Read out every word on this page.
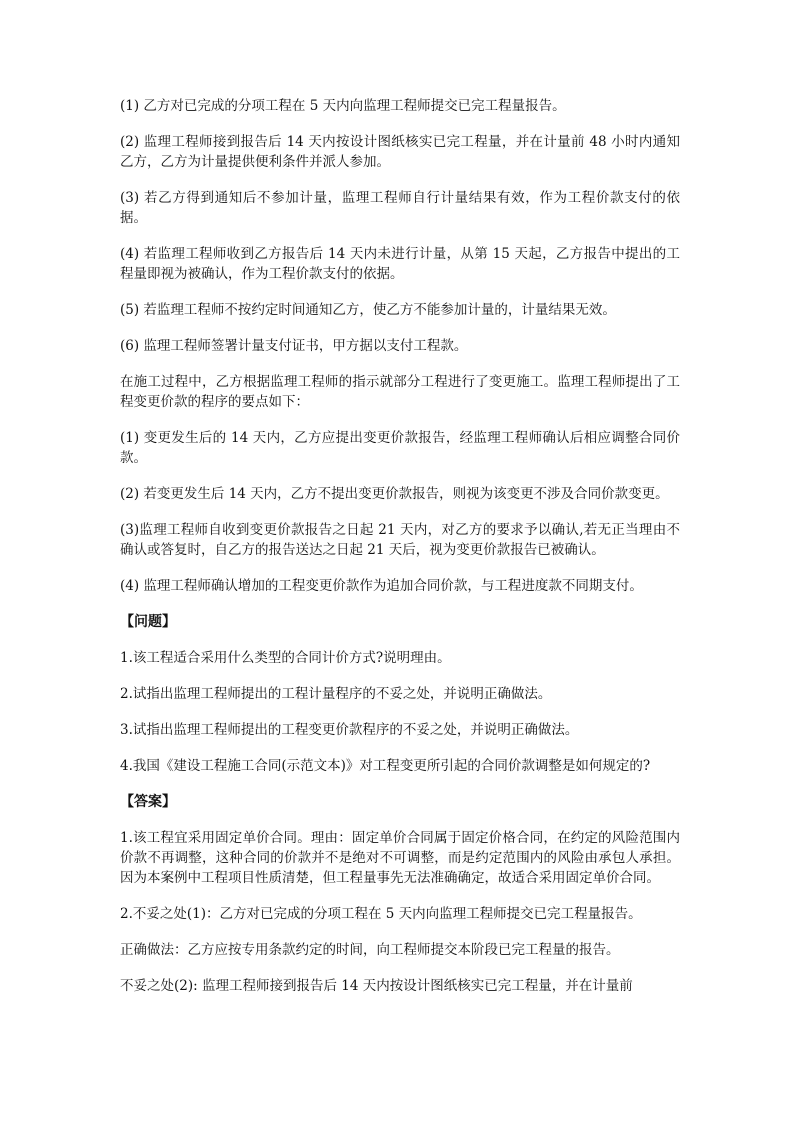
(1) 乙方对已完成的分项工程在 5 天内向监理工程师提交已完工程量报告。

(2) 监理工程师接到报告后 14 天内按设计图纸核实已完工程量，并在计量前 48 小时内通知乙方，乙方为计量提供便利条件并派人参加。

(3) 若乙方得到通知后不参加计量，监理工程师自行计量结果有效，作为工程价款支付的依据。

(4) 若监理工程师收到乙方报告后 14 天内未进行计量，从第 15 天起，乙方报告中提出的工程量即视为被确认，作为工程价款支付的依据。

(5) 若监理工程师不按约定时间通知乙方，使乙方不能参加计量的，计量结果无效。

(6) 监理工程师签署计量支付证书，甲方据以支付工程款。

在施工过程中，乙方根据监理工程师的指示就部分工程进行了变更施工。监理工程师提出了工程变更价款的程序的要点如下：

(1) 变更发生后的 14 天内，乙方应提出变更价款报告，经监理工程师确认后相应调整合同价款。

(2) 若变更发生后 14 天内，乙方不提出变更价款报告，则视为该变更不涉及合同价款变更。

(3)监理工程师自收到变更价款报告之日起 21 天内，对乙方的要求予以确认,若无正当理由不确认或答复时，自乙方的报告送达之日起 21 天后，视为变更价款报告已被确认。

(4) 监理工程师确认增加的工程变更价款作为追加合同价款，与工程进度款不同期支付。

【问题】

1.该工程适合采用什么类型的合同计价方式?说明理由。

2.试指出监理工程师提出的工程计量程序的不妥之处，并说明正确做法。

3.试指出监理工程师提出的工程变更价款程序的不妥之处，并说明正确做法。

4.我国《建设工程施工合同(示范文本)》对工程变更所引起的合同价款调整是如何规定的?

【答案】

1.该工程宜采用固定单价合同。理由：固定单价合同属于固定价格合同，在约定的风险范围内价款不再调整，这种合同的价款并不是绝对不可调整，而是约定范围内的风险由承包人承担。因为本案例中工程项目性质清楚，但工程量事先无法准确确定，故适合采用固定单价合同。

2.不妥之处(1)：乙方对已完成的分项工程在 5 天内向监理工程师提交已完工程量报告。

正确做法：乙方应按专用条款约定的时间，向工程师提交本阶段已完工程量的报告。

不妥之处(2): 监理工程师接到报告后 14 天内按设计图纸核实已完工程量，并在计量前
